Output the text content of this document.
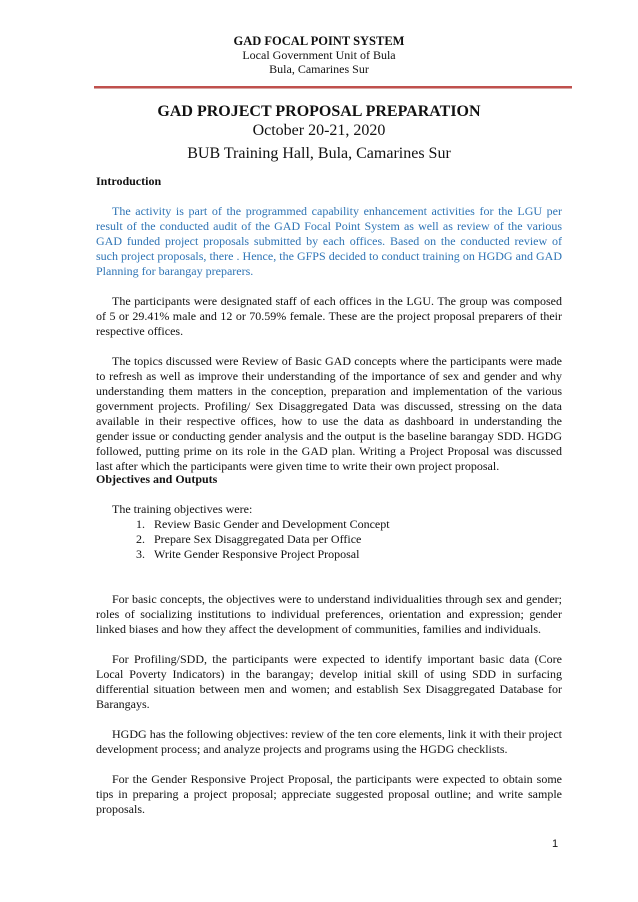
GAD FOCAL POINT SYSTEM
Local Government Unit of Bula
Bula, Camarines Sur
GAD PROJECT PROPOSAL PREPARATION
October 20-21, 2020
BUB Training Hall, Bula, Camarines Sur
Introduction

The activity is part of the programmed capability enhancement activities for the LGU per result of the conducted audit of the GAD Focal Point System as well as review of the various GAD funded project proposals submitted by each offices. Based on the conducted review of such project proposals, there . Hence, the GFPS decided to conduct training on HGDG and GAD Planning for barangay preparers.

The participants were designated staff of each offices in the LGU. The group was composed of 5 or 29.41% male and 12 or 70.59% female. These are the project proposal preparers of their respective offices.

The topics discussed were Review of Basic GAD concepts where the participants were made to refresh as well as improve their understanding of the importance of sex and gender and why understanding them matters in the conception, preparation and implementation of the various government projects. Profiling/ Sex Disaggregated Data was discussed, stressing on the data available in their respective offices, how to use the data as dashboard in understanding the gender issue or conducting gender analysis and the output is the baseline barangay SDD. HGDG followed, putting prime on its role in the GAD plan. Writing a Project Proposal was discussed last after which the participants were given time to write their own project proposal.

Objectives and Outputs

The training objectives were:

1. Review Basic Gender and Development Concept
2. Prepare Sex Disaggregated Data per Office
3. Write Gender Responsive Project Proposal

For basic concepts, the objectives were to understand individualities through sex and gender; roles of socializing institutions to individual preferences, orientation and expression; gender linked biases and how they affect the development of communities, families and individuals.

For Profiling/SDD, the participants were expected to identify important basic data (Core Local Poverty Indicators) in the barangay; develop initial skill of using SDD in surfacing differential situation between men and women; and establish Sex Disaggregated Database for Barangays.

HGDG has the following objectives: review of the ten core elements, link it with their project development process; and analyze projects and programs using the HGDG checklists.

For the Gender Responsive Project Proposal, the participants were expected to obtain some tips in preparing a project proposal; appreciate suggested proposal outline; and write sample proposals.

1
